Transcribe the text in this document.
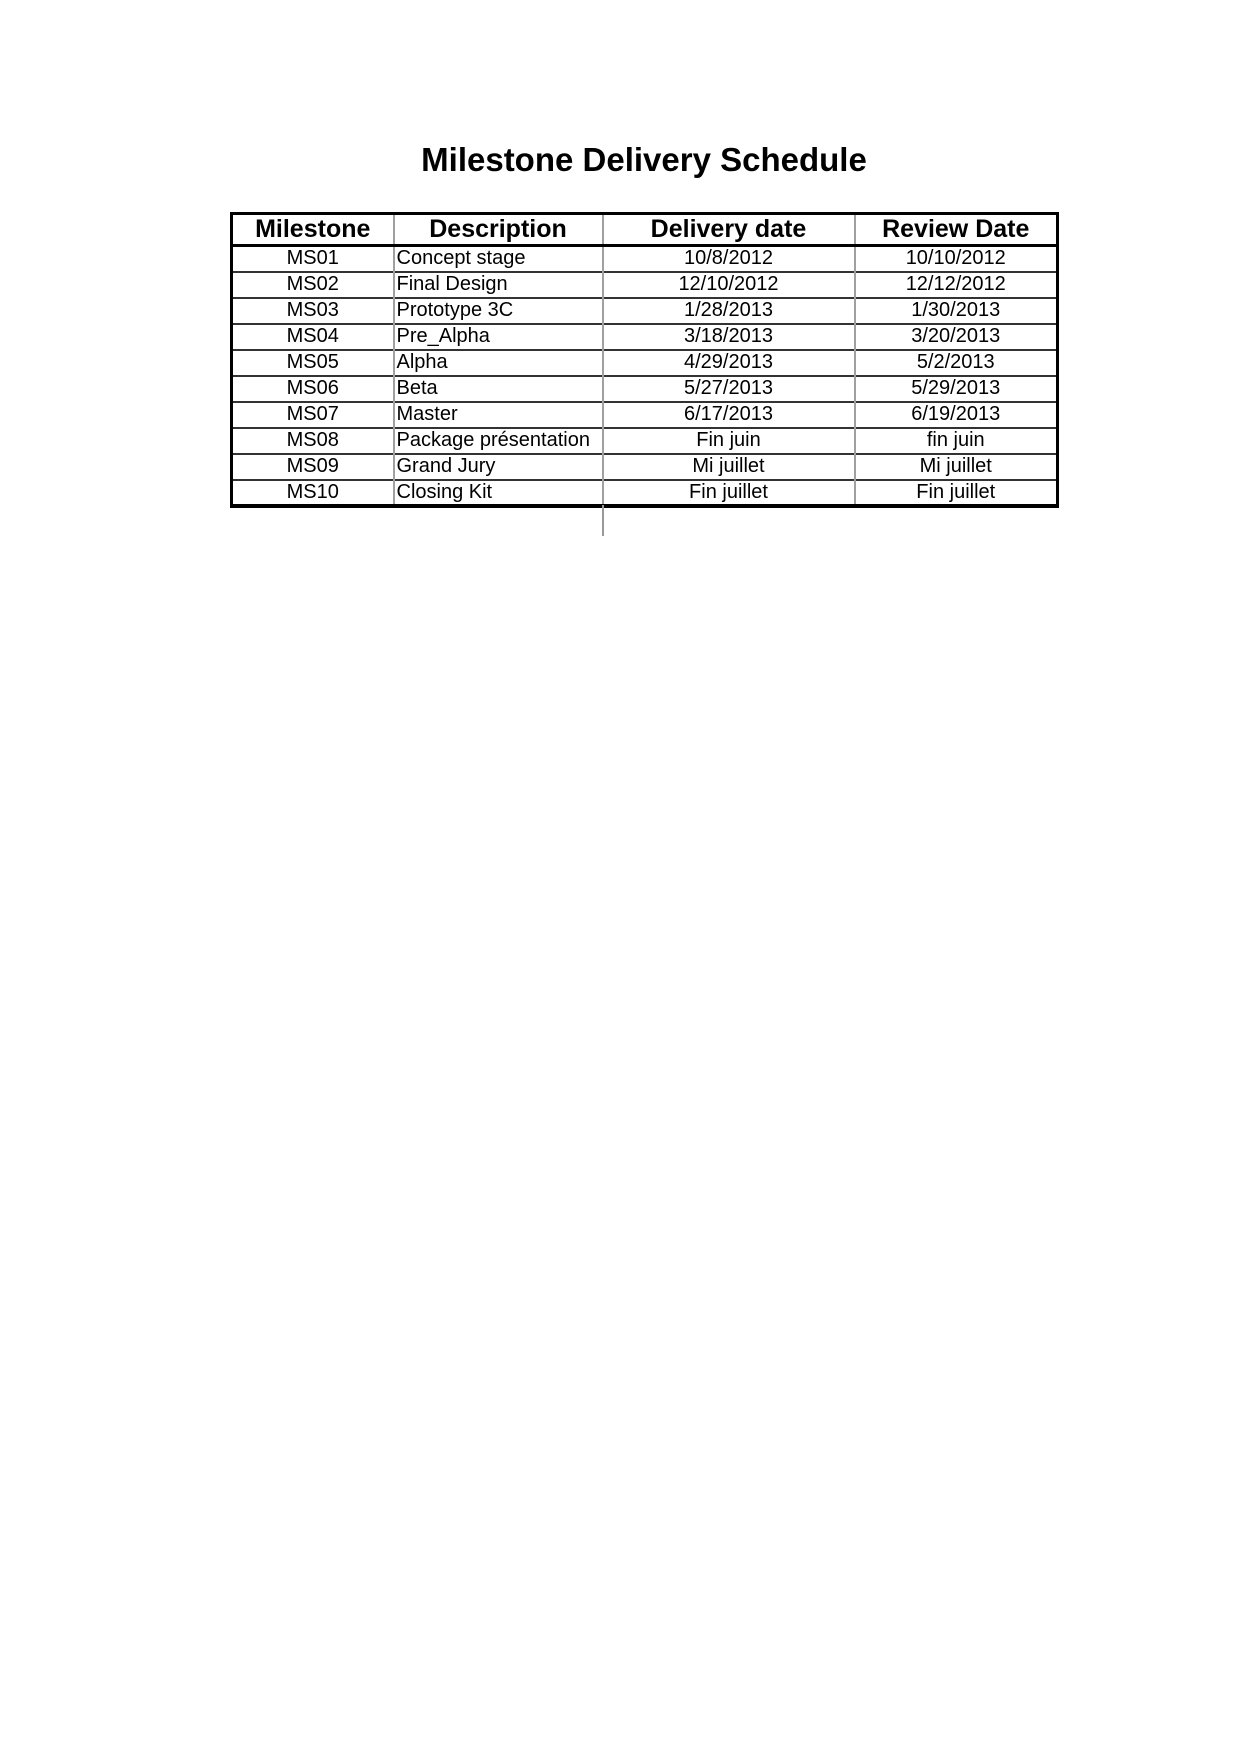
Milestone Delivery Schedule
Milestone	Description	Delivery date	Review Date
MS01	Concept stage	10/8/2012	10/10/2012
MS02	Final Design	12/10/2012	12/12/2012
MS03	Prototype 3C	1/28/2013	1/30/2013
MS04	Pre_Alpha	3/18/2013	3/20/2013
MS05	Alpha	4/29/2013	5/2/2013
MS06	Beta	5/27/2013	5/29/2013
MS07	Master	6/17/2013	6/19/2013
MS08	Package présentation	Fin juin	fin juin
MS09	Grand Jury	Mi juillet	Mi juillet
MS10	Closing Kit	Fin juillet	Fin juillet
